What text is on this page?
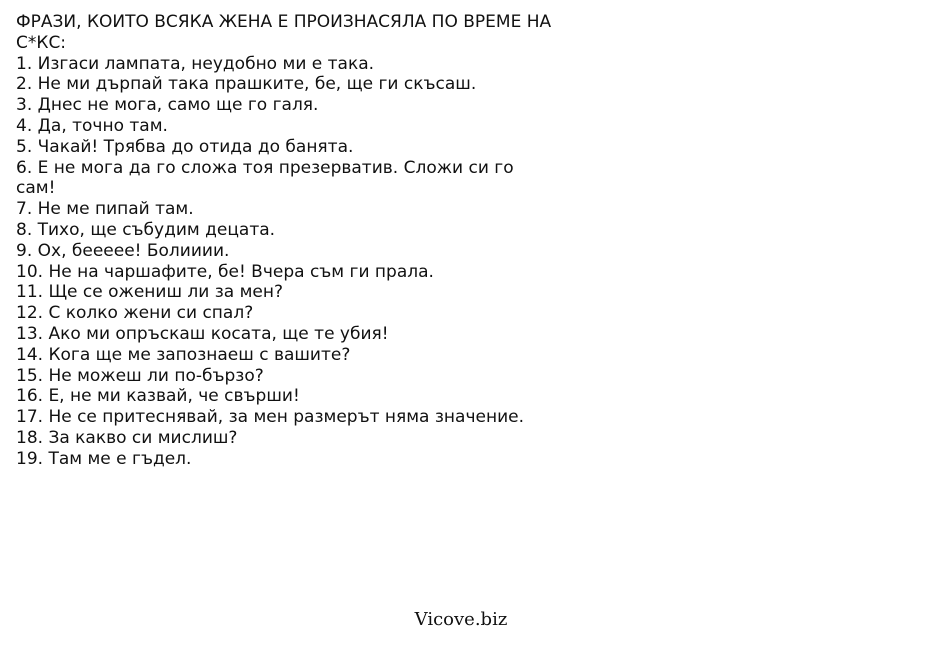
ФРАЗИ, КОИТО ВСЯКА ЖЕНА Е ПРОИЗНАСЯЛА ПО ВРЕМЕ НА С*КС:
1. Изгаси лампата, неудобно ми е така.
2. Не ми дърпай така прашките, бе, ще ги скъсаш.
3. Днес не мога, само ще го галя.
4. Да, точно там.
5. Чакай! Трябва до отида до банята.
6. Е не мога да го сложа тоя презерватив. Сложи си го сам!
7. Не ме пипай там.
8. Тихо, ще събудим децата.
9. Ох, беееее! Болииии.
10. Не на чаршафите, бе! Вчера съм ги прала.
11. Ще се ожениш ли за мен?
12. С колко жени си спал?
13. Ако ми опръскаш косата, ще те убия!
14. Кога ще ме запознаеш с вашите?
15. Не можеш ли по-бързо?
16. Е, не ми казвай, че свърши!
17. Не се притеснявай, за мен размерът няма значение.
18. За какво си мислиш?
19. Там ме е гъдел.
Vicove.biz
